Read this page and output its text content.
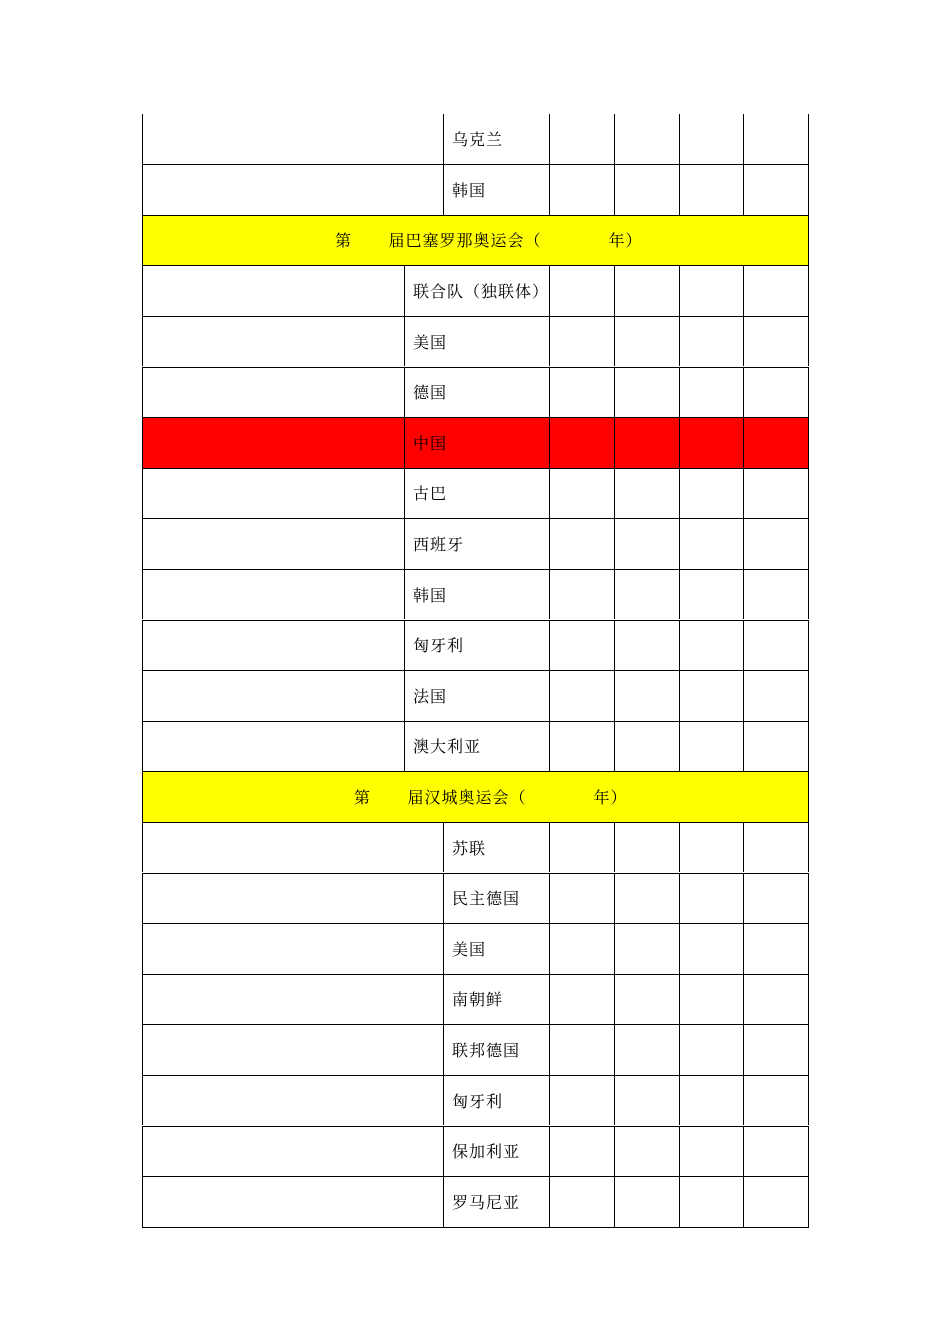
乌克兰
韩国
第      届巴塞罗那奥运会（           年）
联合队（独联体）
美国
德国
中国
古巴
西班牙
韩国
匈牙利
法国
澳大利亚
第      届汉城奥运会（           年）
苏联
民主德国
美国
南朝鲜
联邦德国
匈牙利
保加利亚
罗马尼亚
